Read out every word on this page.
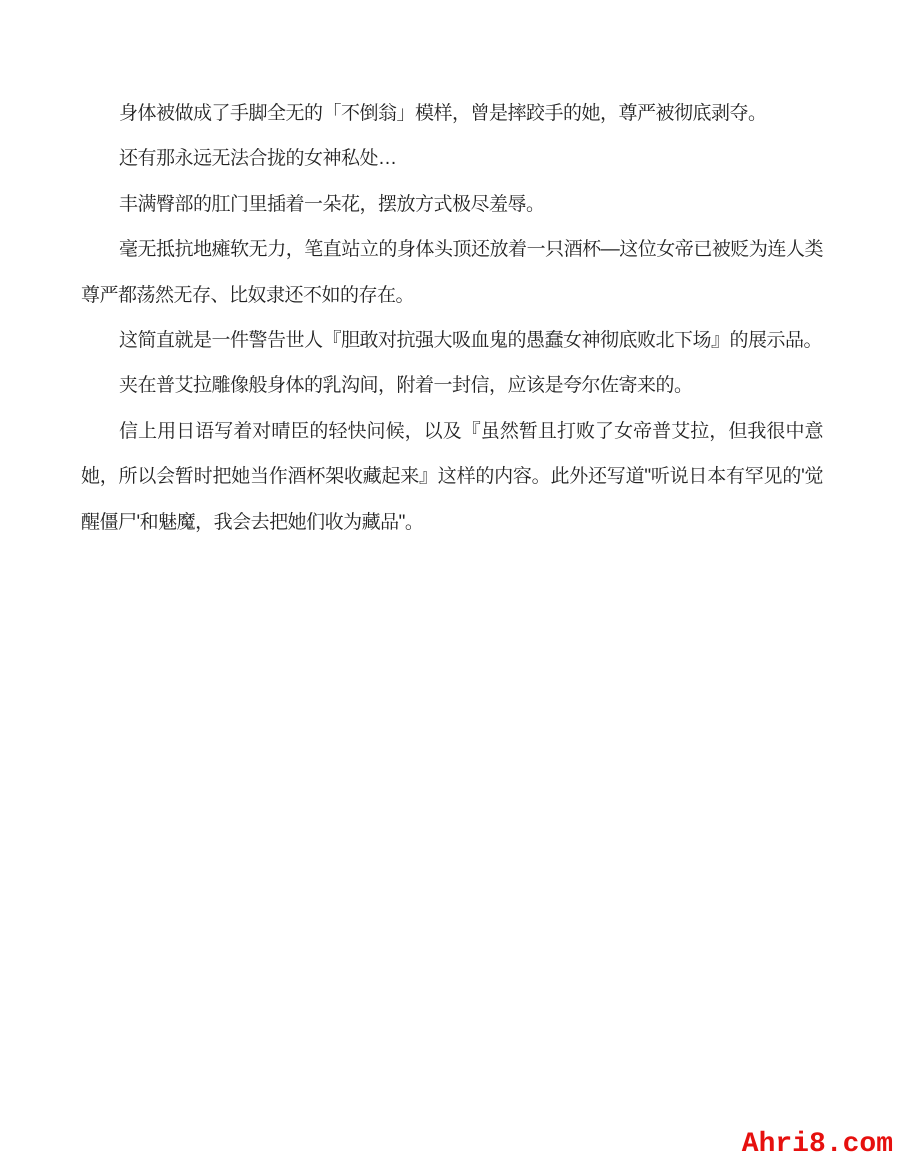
身体被做成了手脚全无的「不倒翁」模样，曾是摔跤手的她，尊严被彻底剥夺。

还有那永远无法合拢的女神私处…

丰满臀部的肛门里插着一朵花，摆放方式极尽羞辱。

毫无抵抗地瘫软无力，笔直站立的身体头顶还放着一只酒杯—这位女帝已被贬为连人类尊严都荡然无存、比奴隶还不如的存在。

这简直就是一件警告世人『胆敢对抗强大吸血鬼的愚蠢女神彻底败北下场』的展示品。

夹在普艾拉雕像般身体的乳沟间，附着一封信，应该是夸尔佐寄来的。

信上用日语写着对晴臣的轻快问候，以及『虽然暂且打败了女帝普艾拉，但我很中意她，所以会暂时把她当作酒杯架收藏起来』这样的内容。此外还写道"听说日本有罕见的'觉醒僵尸'和魅魔，我会去把她们收为藏品"。

Ahri8.com
